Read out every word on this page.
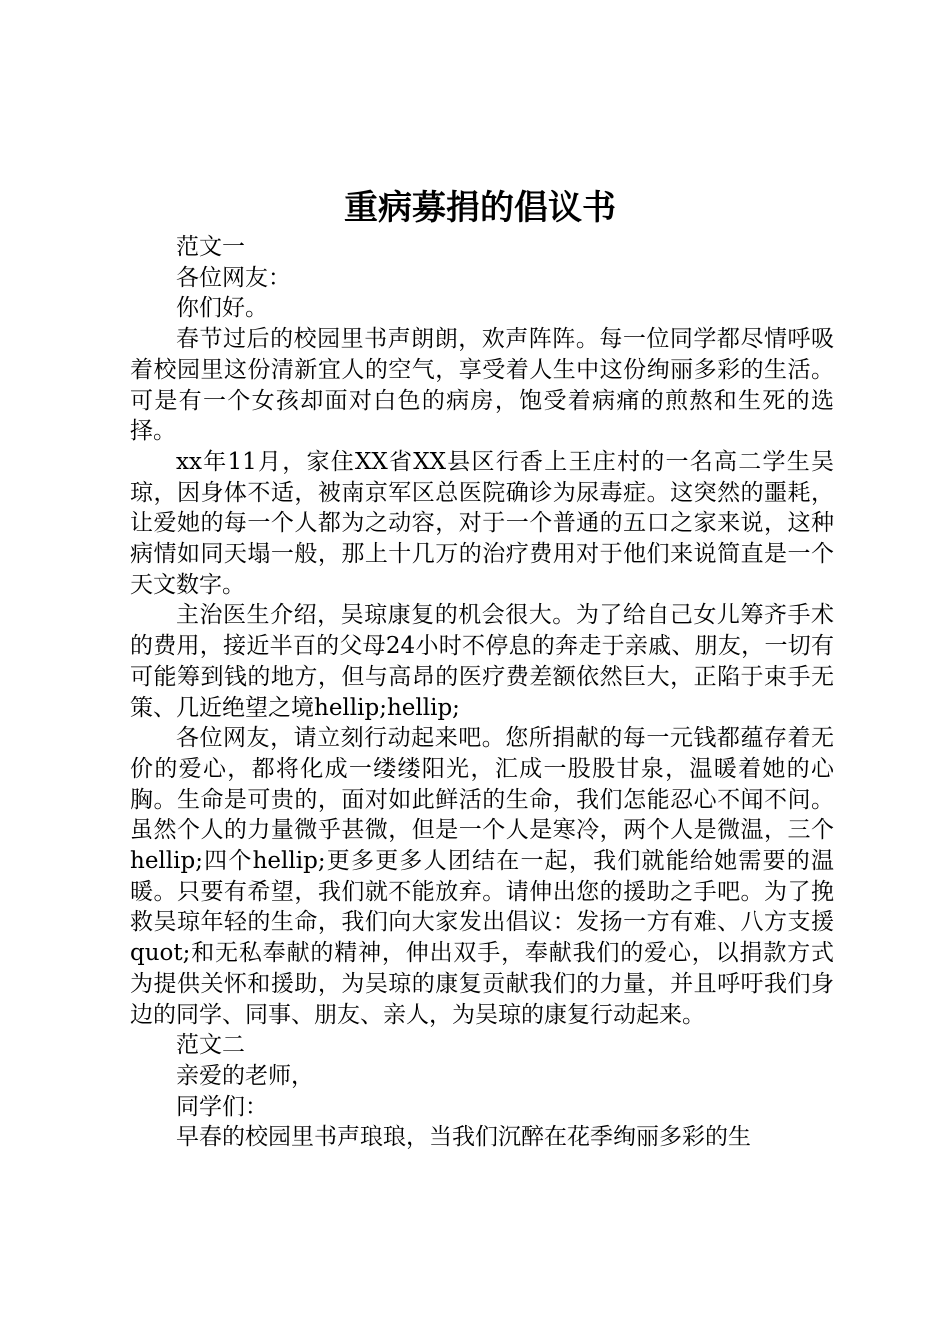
重病募捐的倡议书

范文一

各位网友：

你们好。

春节过后的校园里书声朗朗，欢声阵阵。每一位同学都尽情呼吸着校园里这份清新宜人的空气，享受着人生中这份绚丽多彩的生活。可是有一个女孩却面对白色的病房，饱受着病痛的煎熬和生死的选择。

xx年11月，家住XX省XX县区行香上王庄村的一名高二学生吴琼，因身体不适，被南京军区总医院确诊为尿毒症。这突然的噩耗，让爱她的每一个人都为之动容，对于一个普通的五口之家来说，这种病情如同天塌一般，那上十几万的治疗费用对于他们来说简直是一个天文数字。

主治医生介绍，吴琼康复的机会很大。为了给自己女儿筹齐手术的费用，接近半百的父母24小时不停息的奔走于亲戚、朋友，一切有可能筹到钱的地方，但与高昂的医疗费差额依然巨大，正陷于束手无策、几近绝望之境hellip;hellip;

各位网友，请立刻行动起来吧。您所捐献的每一元钱都蕴存着无价的爱心，都将化成一缕缕阳光，汇成一股股甘泉，温暖着她的心胸。生命是可贵的，面对如此鲜活的生命，我们怎能忍心不闻不问。虽然个人的力量微乎甚微，但是一个人是寒冷，两个人是微温，三个hellip;四个hellip;更多更多人团结在一起，我们就能给她需要的温暖。只要有希望，我们就不能放弃。请伸出您的援助之手吧。为了挽救吴琼年轻的生命，我们向大家发出倡议：发扬一方有难、八方支援quot;和无私奉献的精神，伸出双手，奉献我们的爱心，以捐款方式为提供关怀和援助，为吴琼的康复贡献我们的力量，并且呼吁我们身边的同学、同事、朋友、亲人，为吴琼的康复行动起来。

范文二

亲爱的老师，

同学们：

早春的校园里书声琅琅，当我们沉醉在花季绚丽多彩的生
